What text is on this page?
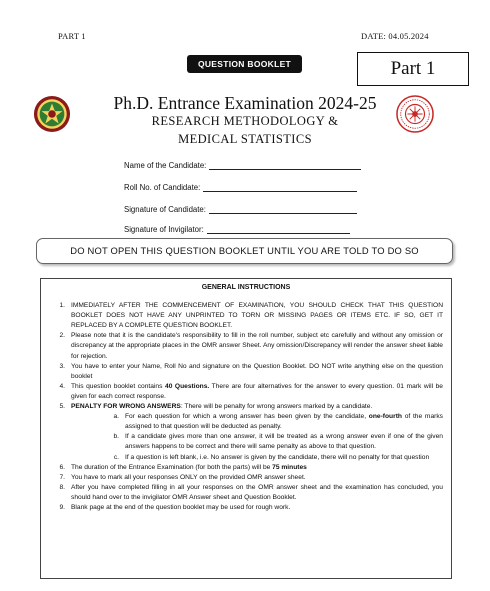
PART 1	DATE: 04.05.2024
QUESTION BOOKLET	Part 1
Ph.D. Entrance Examination 2024-25
RESEARCH METHODOLOGY &
MEDICAL STATISTICS
Name of the Candidate:
Roll No. of Candidate:
Signature of Candidate:
Signature of Invigilator:
DO NOT OPEN THIS QUESTION BOOKLET UNTIL YOU ARE TOLD TO DO SO
GENERAL INSTRUCTIONS
1. IMMEDIATELY AFTER THE COMMENCEMENT OF EXAMINATION, YOU SHOULD CHECK THAT THIS QUESTION BOOKLET DOES NOT HAVE ANY UNPRINTED TO TORN OR MISSING PAGES OR ITEMS ETC. IF SO, GET IT REPLACED BY A COMPLETE QUESTION BOOKLET.
2. Please note that it is the candidate's responsibility to fill in the roll number, subject etc carefully and without any omission or discrepancy at the appropriate places in the OMR answer Sheet. Any omission/Discrepancy will render the answer sheet liable for rejection.
3. You have to enter your Name, Roll No and signature on the Question Booklet. DO NOT write anything else on the question booklet
4. This question booklet contains 40 Questions. There are four alternatives for the answer to every question. 01 mark will be given for each correct response.
5. PENALTY FOR WRONG ANSWERS: There will be penalty for wrong answers marked by a candidate.
a. For each question for which a wrong answer has been given by the candidate, one-fourth of the marks assigned to that question will be deducted as penalty.
b. If a candidate gives more than one answer, it will be treated as a wrong answer even if one of the given answers happens to be correct and there will same penalty as above to that question.
c. If a question is left blank, i.e. No answer is given by the candidate, there will no penalty for that question
6. The duration of the Entrance Examination (for both the parts) will be 75 minutes
7. You have to mark all your responses ONLY on the provided OMR answer sheet.
8. After you have completed filling in all your responses on the OMR answer sheet and the examination has concluded, you should hand over to the invigilator OMR Answer sheet and Question Booklet.
9. Blank page at the end of the question booklet may be used for rough work.
